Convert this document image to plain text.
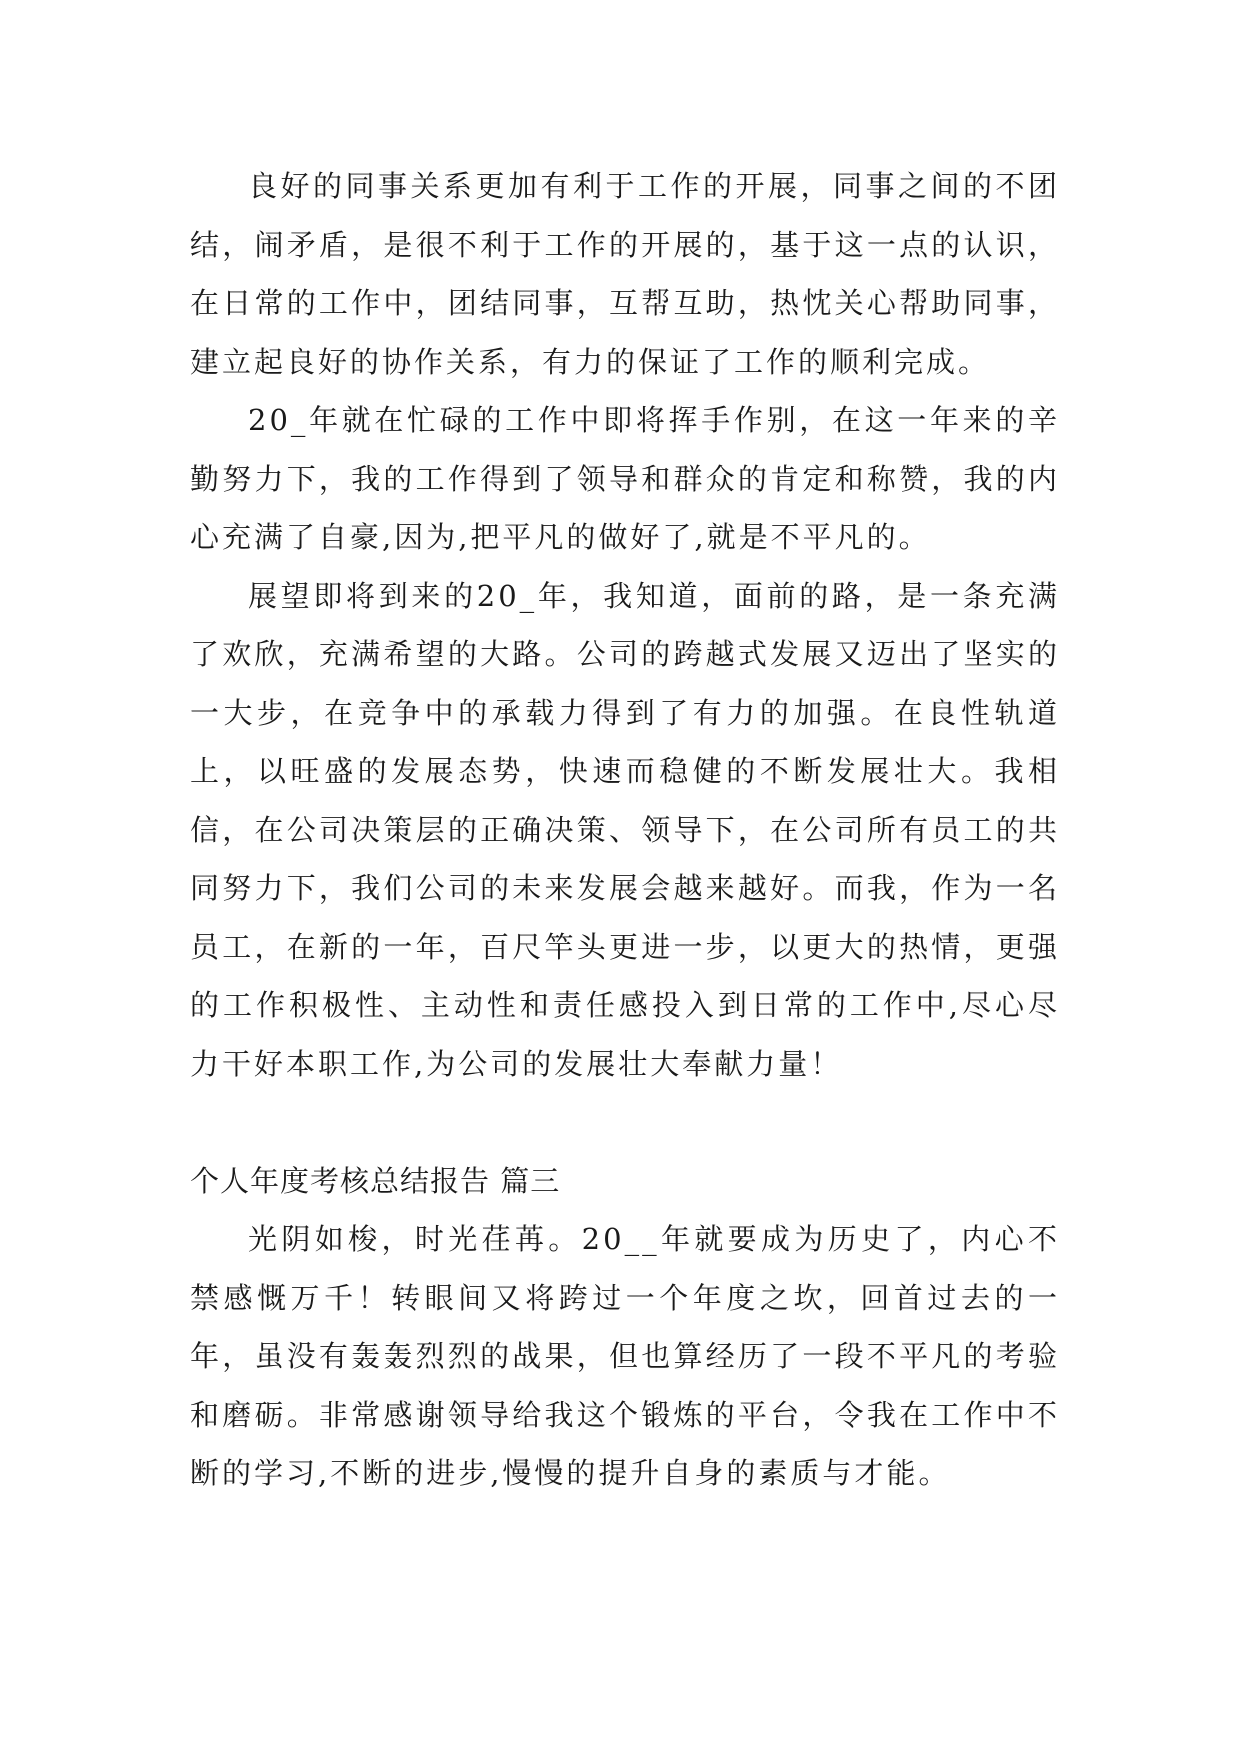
良好的同事关系更加有利于工作的开展，同事之间的不团结，闹矛盾，是很不利于工作的开展的，基于这一点的认识，在日常的工作中，团结同事，互帮互助，热忱关心帮助同事，建立起良好的协作关系，有力的保证了工作的顺利完成。

20_年就在忙碌的工作中即将挥手作别，在这一年来的辛勤努力下，我的工作得到了领导和群众的肯定和称赞，我的内心充满了自豪,因为,把平凡的做好了,就是不平凡的。

展望即将到来的20_年，我知道，面前的路，是一条充满了欢欣，充满希望的大路。公司的跨越式发展又迈出了坚实的一大步，在竞争中的承载力得到了有力的加强。在良性轨道上，以旺盛的发展态势，快速而稳健的不断发展壮大。我相信，在公司决策层的正确决策、领导下，在公司所有员工的共同努力下，我们公司的未来发展会越来越好。而我，作为一名员工，在新的一年，百尺竿头更进一步，以更大的热情，更强的工作积极性、主动性和责任感投入到日常的工作中,尽心尽力干好本职工作,为公司的发展壮大奉献力量！

个人年度考核总结报告 篇三

光阴如梭，时光荏苒。20__年就要成为历史了，内心不禁感慨万千！转眼间又将跨过一个年度之坎，回首过去的一年，虽没有轰轰烈烈的战果，但也算经历了一段不平凡的考验和磨砺。非常感谢领导给我这个锻炼的平台，令我在工作中不断的学习,不断的进步,慢慢的提升自身的素质与才能。
